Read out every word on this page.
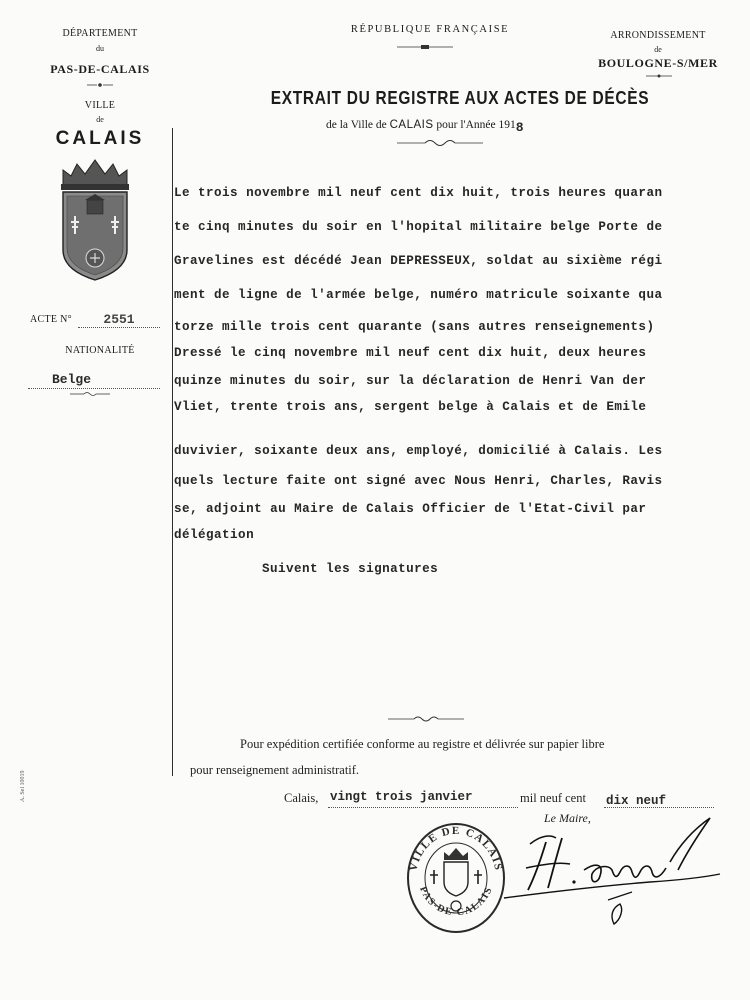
DÉPARTEMENT
du
PAS-DE-CALAIS
VILLE
de
CALAIS
ACTE N°	2551
NATIONALITÉ
Belge
A. Sel 10019
RÉPUBLIQUE FRANÇAISE
EXTRAIT DU REGISTRE AUX ACTES DE DÉCÈS
de la Ville de CALAIS pour l'Année 1918
ARRONDISSEMENT
de
BOULOGNE-S/MER
Le trois novembre mil neuf cent dix huit, trois heures quaran
te cinq minutes du soir en l'hopital militaire belge Porte de
Gravelines est décédé Jean DEPRESSEUX, soldat au sixième régi
ment de ligne de l'armée belge, numéro matricule soixante qua
torze mille trois cent quarante (sans autres renseignements)
Dressé le cinq novembre mil neuf cent dix huit, deux heures
quinze minutes du soir, sur la déclaration de Henri Van der
Vliet, trente trois ans, sergent belge à Calais et de Emile
duvivier, soixante deux ans, employé, domicilié à Calais. Les
quels lecture faite ont signé avec Nous Henri, Charles, Ravis
se, adjoint au Maire de Calais Officier de l'Etat-Civil par
délégation
Suivent les signatures
Pour expédition certifiée conforme au registre et délivrée sur papier libre
pour renseignement administratif.
Calais, vingt trois janvier	mil neuf cent dix neuf
Le Maire,
VILLE DE CALAIS
PAS-DE-CALAIS
